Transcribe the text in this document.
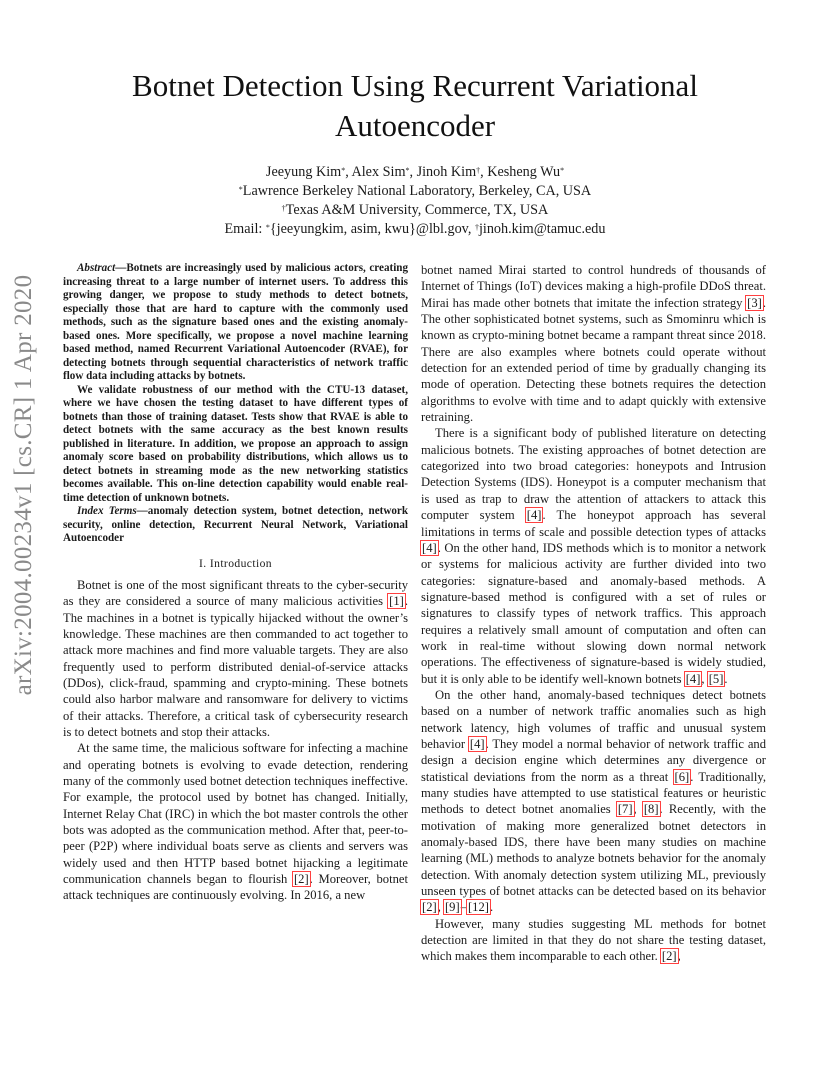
arXiv:2004.00234v1 [cs.CR] 1 Apr 2020
Botnet Detection Using Recurrent Variational Autoencoder
Jeeyung Kim*, Alex Sim*, Jinoh Kim†, Kesheng Wu*
*Lawrence Berkeley National Laboratory, Berkeley, CA, USA
†Texas A&M University, Commerce, TX, USA
Email: *{jeeyungkim, asim, kwu}@lbl.gov, †jinoh.kim@tamuc.edu

Abstract—Botnets are increasingly used by malicious actors, creating increasing threat to a large number of internet users. To address this growing danger, we propose to study methods to detect botnets, especially those that are hard to capture with the commonly used methods, such as the signature based ones and the existing anomaly-based ones. More specifically, we propose a novel machine learning based method, named Recurrent Variational Autoencoder (RVAE), for detecting botnets through sequential characteristics of network traffic flow data including attacks by botnets.

We validate robustness of our method with the CTU-13 dataset, where we have chosen the testing dataset to have different types of botnets than those of training dataset. Tests show that RVAE is able to detect botnets with the same accuracy as the best known results published in literature. In addition, we propose an approach to assign anomaly score based on probability distributions, which allows us to detect botnets in streaming mode as the new networking statistics becomes available. This on-line detection capability would enable real-time detection of unknown botnets.

Index Terms—anomaly detection system, botnet detection, network security, online detection, Recurrent Neural Network, Variational Autoencoder

I. Introduction

Botnet is one of the most significant threats to the cyber-security as they are considered a source of many malicious activities [1]. The machines in a botnet is typically hijacked without the owner’s knowledge. These machines are then commanded to act together to attack more machines and find more valuable targets. They are also frequently used to perform distributed denial-of-service attacks (DDos), click-fraud, spamming and crypto-mining. These botnets could also harbor malware and ransomware for delivery to victims of their attacks. Therefore, a critical task of cybersecurity research is to detect botnets and stop their attacks.

At the same time, the malicious software for infecting a machine and operating botnets is evolving to evade detection, rendering many of the commonly used botnet detection techniques ineffective. For example, the protocol used by botnet has changed. Initially, Internet Relay Chat (IRC) in which the bot master controls the other bots was adopted as the communication method. After that, peer-to-peer (P2P) where individual boats serve as clients and servers was widely used and then HTTP based botnet hijacking a legitimate communication channels began to flourish [2]. Moreover, botnet attack techniques are continuously evolving. In 2016, a new

botnet named Mirai started to control hundreds of thousands of Internet of Things (IoT) devices making a high-profile DDoS threat. Mirai has made other botnets that imitate the infection strategy [3]. The other sophisticated botnet systems, such as Smominru which is known as crypto-mining botnet became a rampant threat since 2018. There are also examples where botnets could operate without detection for an extended period of time by gradually changing its mode of operation. Detecting these botnets requires the detection algorithms to evolve with time and to adapt quickly with extensive retraining.

There is a significant body of published literature on detecting malicious botnets. The existing approaches of botnet detection are categorized into two broad categories: honeypots and Intrusion Detection Systems (IDS). Honeypot is a computer mechanism that is used as trap to draw the attention of attackers to attack this computer system [4]. The honeypot approach has several limitations in terms of scale and possible detection types of attacks [4]. On the other hand, IDS methods which is to monitor a network or systems for malicious activity are further divided into two categories: signature-based and anomaly-based methods. A signature-based method is configured with a set of rules or signatures to classify types of network traffics. This approach requires a relatively small amount of computation and often can work in real-time without slowing down normal network operations. The effectiveness of signature-based is widely studied, but it is only able to be identify well-known botnets [4], [5].

On the other hand, anomaly-based techniques detect botnets based on a number of network traffic anomalies such as high network latency, high volumes of traffic and unusual system behavior [4]. They model a normal behavior of network traffic and design a decision engine which determines any divergence or statistical deviations from the norm as a threat [6]. Traditionally, many studies have attempted to use statistical features or heuristic methods to detect botnet anomalies [7], [8]. Recently, with the motivation of making more generalized botnet detectors in anomaly-based IDS, there have been many studies on machine learning (ML) methods to analyze botnets behavior for the anomaly detection. With anomaly detection system utilizing ML, previously unseen types of botnet attacks can be detected based on its behavior [2], [9]–[12].

However, many studies suggesting ML methods for botnet detection are limited in that they do not share the testing dataset, which makes them incomparable to each other. [2],
